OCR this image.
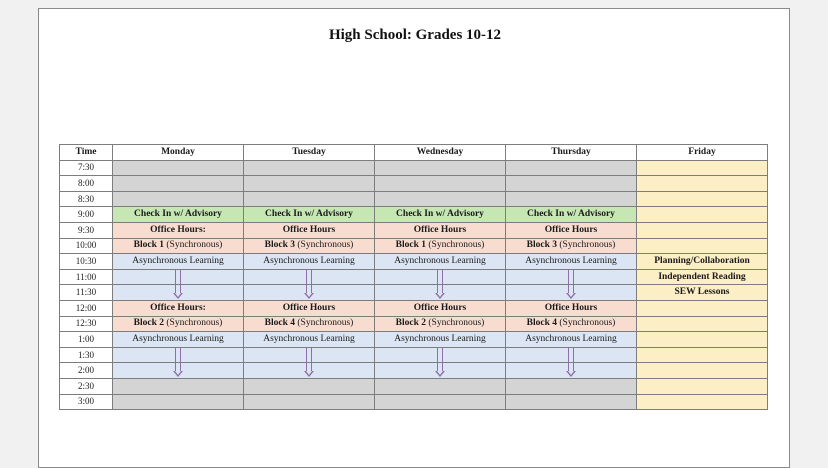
High School: Grades 10-12
Time	Monday	Tuesday	Wednesday	Thursday	Friday
7:30					
8:00					
8:30					
9:00	Check In w/ Advisory	Check In w/ Advisory	Check In w/ Advisory	Check In w/ Advisory	
9:30	Office Hours:	Office Hours	Office Hours	Office Hours	
10:00	Block 1 (Synchronous)	Block 3 (Synchronous)	Block 1 (Synchronous)	Block 3 (Synchronous)	
10:30	Asynchronous Learning	Asynchronous Learning	Asynchronous Learning	Asynchronous Learning	Planning/Collaboration
11:00					Independent Reading
11:30					SEW Lessons
12:00	Office Hours:	Office Hours	Office Hours	Office Hours	
12:30	Block 2 (Synchronous)	Block 4 (Synchronous)	Block 2 (Synchronous)	Block 4 (Synchronous)	
1:00	Asynchronous Learning	Asynchronous Learning	Asynchronous Learning	Asynchronous Learning	
1:30	

2:00	

2:30					
3:00					
